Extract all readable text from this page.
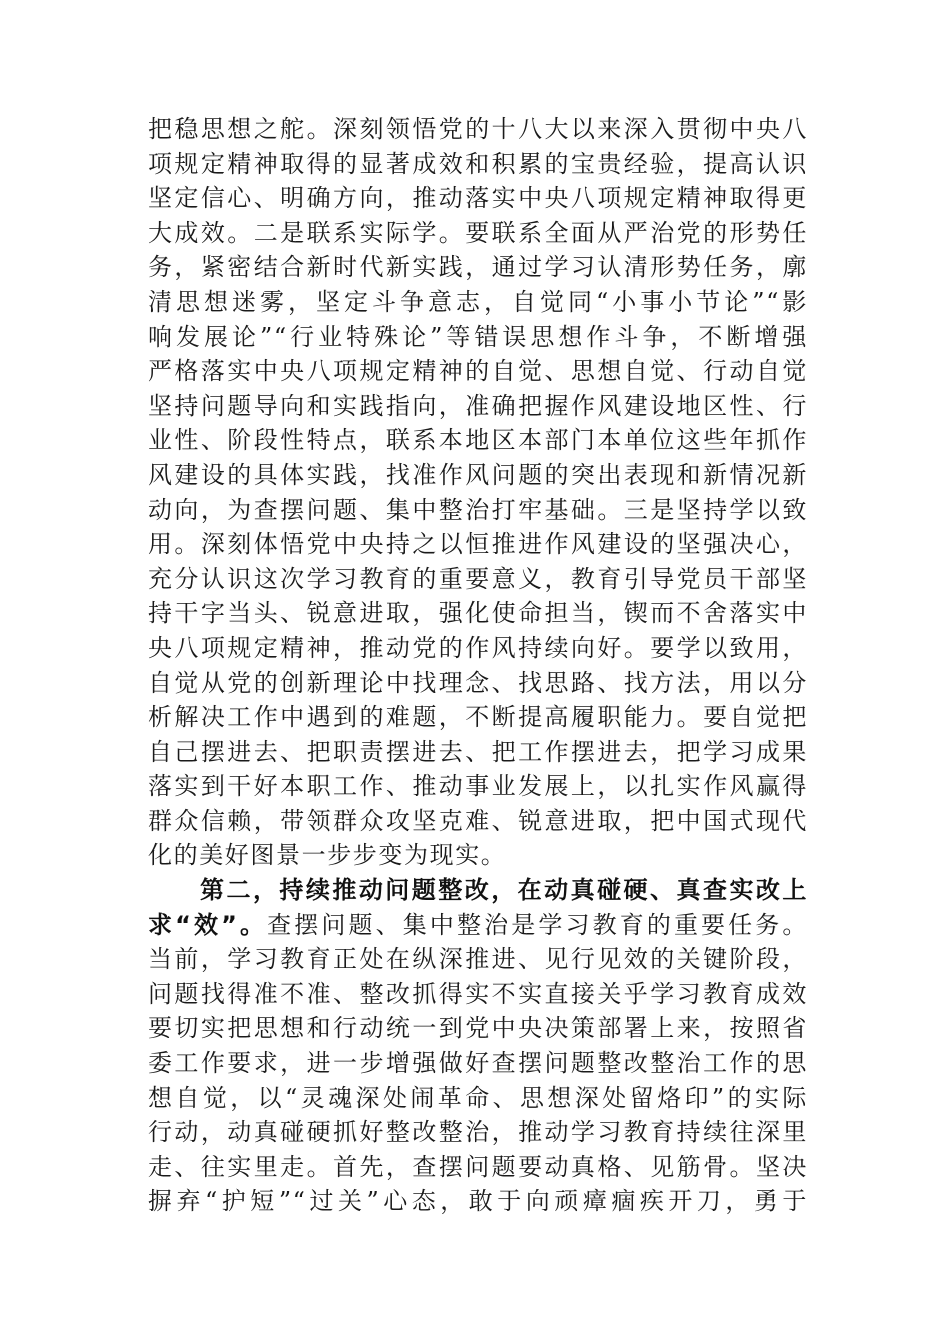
把稳思想之舵。深刻领悟党的十八大以来深入贯彻中央八
项规定精神取得的显著成效和积累的宝贵经验，提高认识
坚定信心、明确方向，推动落实中央八项规定精神取得更
大成效。二是联系实际学。要联系全面从严治党的形势任
务，紧密结合新时代新实践，通过学习认清形势任务，廓
清思想迷雾，坚定斗争意志，自觉同“小事小节论”“影
响发展论”“行业特殊论”等错误思想作斗争，不断增强
严格落实中央八项规定精神的自觉、思想自觉、行动自觉
坚持问题导向和实践指向，准确把握作风建设地区性、行
业性、阶段性特点，联系本地区本部门本单位这些年抓作
风建设的具体实践，找准作风问题的突出表现和新情况新
动向，为查摆问题、集中整治打牢基础。三是坚持学以致
用。深刻体悟党中央持之以恒推进作风建设的坚强决心，
充分认识这次学习教育的重要意义，教育引导党员干部坚
持干字当头、锐意进取，强化使命担当，锲而不舍落实中
央八项规定精神，推动党的作风持续向好。要学以致用，
自觉从党的创新理论中找理念、找思路、找方法，用以分
析解决工作中遇到的难题，不断提高履职能力。要自觉把
自己摆进去、把职责摆进去、把工作摆进去，把学习成果
落实到干好本职工作、推动事业发展上，以扎实作风赢得
群众信赖，带领群众攻坚克难、锐意进取，把中国式现代
化的美好图景一步步变为现实。
第二，持续推动问题整改，在动真碰硬、真查实改上
求“效”。查摆问题、集中整治是学习教育的重要任务。
当前，学习教育正处在纵深推进、见行见效的关键阶段，
问题找得准不准、整改抓得实不实直接关乎学习教育成效
要切实把思想和行动统一到党中央决策部署上来，按照省
委工作要求，进一步增强做好查摆问题整改整治工作的思
想自觉，以“灵魂深处闹革命、思想深处留烙印”的实际
行动，动真碰硬抓好整改整治，推动学习教育持续往深里
走、往实里走。首先，查摆问题要动真格、见筋骨。坚决
摒弃“护短”“过关”心态，敢于向顽瘴痼疾开刀，勇于
